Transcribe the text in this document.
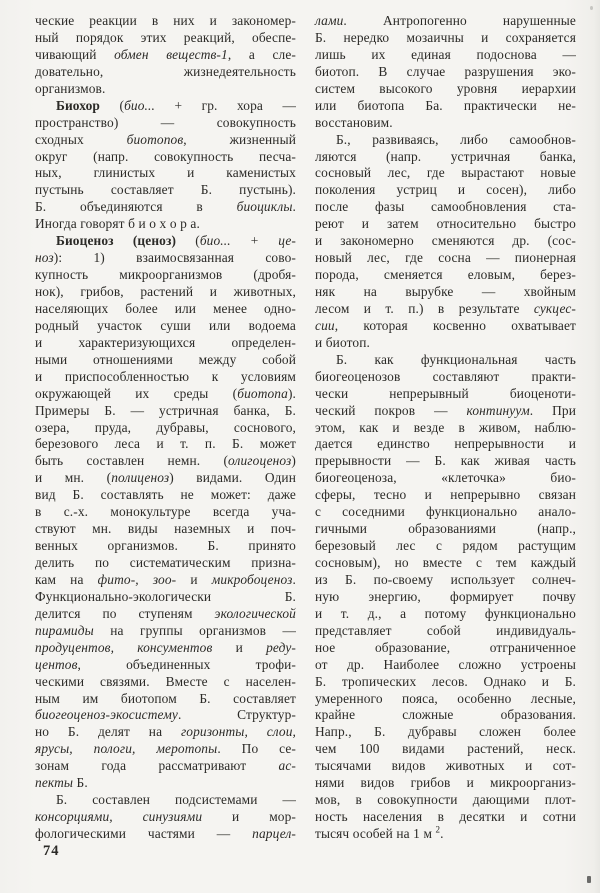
ческие реакции в них и закономер-
ный порядок этих реакций, обеспе-
чивающий обмен веществ-1, а сле-
довательно, жизнедеятельность
организмов.
Биохор (био... + гр. хора —
пространство) — совокупность
сходных биотопов, жизненный
округ (напр. совокупность песча-
ных, глинистых и каменистых
пустынь составляет Б. пустынь).
Б. объединяются в биоциклы.
Иногда говорят б и о х о р а.
Биоценоз (ценоз) (био... + це-
ноз): 1) взаимосвязанная сово-
купность микроорганизмов (дробя-
нок), грибов, растений и животных,
населяющих более или менее одно-
родный участок суши или водоема
и характеризующихся определен-
ными отношениями между собой
и приспособленностью к условиям
окружающей их среды (биотопа).
Примеры Б. — устричная банка, Б.
озера, пруда, дубравы, соснового,
березового леса и т. п. Б. может
быть составлен немн. (олигоценоз)
и мн. (полиценоз) видами. Один
вид Б. составлять не может: даже
в с.-х. монокультуре всегда уча-
ствуют мн. виды наземных и поч-
венных организмов. Б. принято
делить по систематическим призна-
кам на фито-, зоо- и микробоценоз.
Функционально-экологически Б.
делится по ступеням экологической
пирамиды на группы организмов —
продуцентов, консументов и реду-
центов, объединенных трофи-
ческими связями. Вместе с населен-
ным им биотопом Б. составляет
биогеоценоз-экосистему. Структур-
но Б. делят на горизонты, слои,
ярусы, пологи, меротопы. По се-
зонам года рассматривают ас-
пекты Б.
Б. составлен подсистемами —
консорциями, синузиями и мор-
фологическими частями — парцел-
лами. Антропогенно нарушенные
Б. нередко мозаичны и сохраняется
лишь их единая подоснова —
биотоп. В случае разрушения эко-
систем высокого уровня иерархии
или биотопа Ба. практически не-
восстановим.
Б., развиваясь, либо самообнов-
ляются (напр. устричная банка,
сосновый лес, где вырастают новые
поколения устриц и сосен), либо
после фазы самообновления ста-
реют и затем относительно быстро
и закономерно сменяются др. (сос-
новый лес, где сосна — пионерная
порода, сменяется еловым, берез-
няк на вырубке — хвойным
лесом и т. п.) в результате сукцес-
сии, которая косвенно охватывает
и биотоп.
Б. как функциональная часть
биогеоценозов составляют практи-
чески непрерывный биоценоти-
ческий покров — континуум. При
этом, как и везде в живом, наблю-
дается единство непрерывности и
прерывности — Б. как живая часть
биогеоценоза, «клеточка» био-
сферы, тесно и непрерывно связан
с соседними функционально анало-
гичными образованиями (напр.,
березовый лес с рядом растущим
сосновым), но вместе с тем каждый
из Б. по-своему использует солнеч-
ную энергию, формирует почву
и т. д., а потому функционально
представляет собой индивидуаль-
ное образование, отграниченное
от др. Наиболее сложно устроены
Б. тропических лесов. Однако и Б.
умеренного пояса, особенно лесные,
крайне сложные образования.
Напр., Б. дубравы сложен более
чем 100 видами растений, неск.
тысячами видов животных и сот-
нями видов грибов и микроорганиз-
мов, в совокупности дающими плот-
ность населения в десятки и сотни
тысяч особей на 1 м $^2$.
74
